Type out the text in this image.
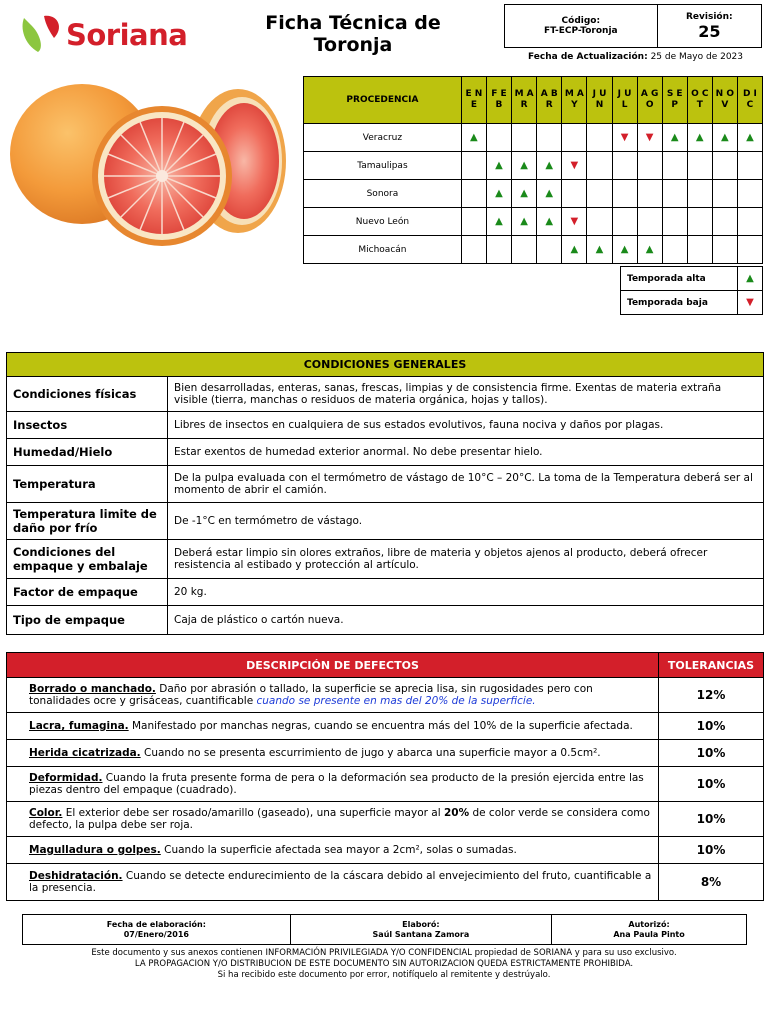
Soriana	Ficha Técnica de
Toronja
Código:
FT-ECP-Toronja

Revisión:
25
Fecha de Actualización: 25 de Mayo de 2023
PROCEDENCIA	E N E	F E B	M A R	A B R	M A Y	J U N	J U L	A G O	S E P	O C T	N O V	D I C
Veracruz	▲						▼	▼	▲	▲	▲	▲
Tamaulipas		▲	▲	▲	▼							
Sonora		▲	▲	▲								
Nuevo León		▲	▲	▲	▼							
Michoacán					▲	▲	▲	▲				
Temporada alta	▲
Temporada baja	▼
CONDICIONES GENERALES	
Condiciones físicas	Bien desarrolladas, enteras, sanas, frescas, limpias y de consistencia firme. Exentas de materia extraña visible (tierra, manchas o residuos de materia orgánica, hojas y tallos).
Insectos	Libres de insectos en cualquiera de sus estados evolutivos, fauna nociva y daños por plagas.
Humedad/Hielo	Estar exentos de humedad exterior anormal. No debe presentar hielo.
Temperatura	De la pulpa evaluada con el termómetro de vástago de 10°C – 20°C. La toma de la Temperatura deberá ser al momento de abrir el camión.
Temperatura limite de daño por frío	De -1°C en termómetro de vástago.
Condiciones del empaque y embalaje	Deberá estar limpio sin olores extraños, libre de materia y objetos ajenos al producto, deberá ofrecer resistencia al estibado y protección al artículo.
Factor de empaque	20 kg.
Tipo de empaque	Caja de plástico o cartón nueva.
DESCRIPCIÓN DE DEFECTOS	TOLERANCIAS
Borrado o manchado. Daño por abrasión o tallado, la superficie se aprecia lisa, sin rugosidades pero con tonalidades ocre y grisáceas, cuantificable cuando se presente en mas del 20% de la superficie.	12%
Lacra, fumagina. Manifestado por manchas negras, cuando se encuentra más del 10% de la superficie afectada.	10%
Herida cicatrizada. Cuando no se presenta escurrimiento de jugo y abarca una superficie mayor a 0.5cm².	10%
Deformidad. Cuando la fruta presente forma de pera o la deformación sea producto de la presión ejercida entre las piezas dentro del empaque (cuadrado).	10%
Color. El exterior debe ser rosado/amarillo (gaseado), una superficie mayor al 20% de color verde se considera como defecto, la pulpa debe ser roja.	10%
Magulladura o golpes. Cuando la superficie afectada sea mayor a 2cm², solas o sumadas.	10%
Deshidratación. Cuando se detecte endurecimiento de la cáscara debido al envejecimiento del fruto, cuantificable a la presencia.	8%
Fecha de elaboración:
07/Enero/2016

Elaboró:
Saúl Santana Zamora

Autorizó:
Ana Paula Pinto
Este documento y sus anexos contienen INFORMACIÓN PRIVILEGIADA Y/O CONFIDENCIAL propiedad de SORIANA y para su uso exclusivo.
LA PROPAGACION Y/O DISTRIBUCION DE ESTE DOCUMENTO SIN AUTORIZACION QUEDA ESTRICTAMENTE PROHIBIDA.
Si ha recibido este documento por error, notifíquelo al remitente y destrúyalo.
